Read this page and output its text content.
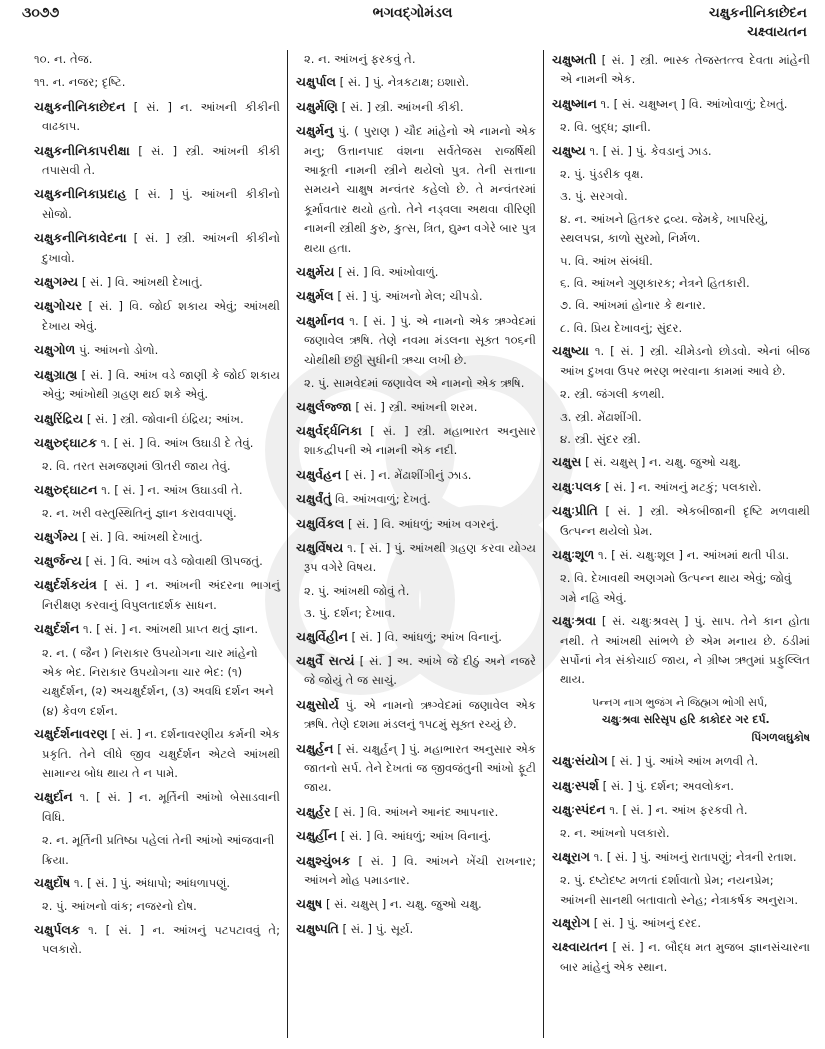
૩૦૭૭	ભગવદ્ગોમંડલ	ચક્ષુકનીનિકાછેદન
ચક્ષ્વાયતન

૧૦. ન. તેજ.

૧૧. ન. નજર; દૃષ્ટિ.

ચક્ષુકનીનિકાછેદન [ સં. ] ન. આંખની કીકીની વાઢકાપ.

ચક્ષુકનીનિકાપરીક્ષા [ સં. ] સ્ત્રી. આંખની કીકી તપાસવી તે.

ચક્ષુકનીનિકાપ્રદાહ [ સં. ] પું. આંખની કીકીનો સોજો.

ચક્ષુકનીનિકાવેદના [ સં. ] સ્ત્રી. આંખની કીકીનો દુખાવો.

ચક્ષુગમ્ય [ સં. ] વિ. આંખથી દેખાતું.

ચક્ષુગોચર [ સં. ] વિ. જોઈ શકાય એવું; આંખથી દેખાય એવું.

ચક્ષુગોળ પું. આંખનો ડોળો.

ચક્ષુગ્રાહ્ય [ સં. ] વિ. આંખ વડે જાણી કે જોઈ શકાય એવું; આંખોથી ગ્રહણ થઈ શકે એવું.

ચક્ષુરિંદ્રિય [ સં. ] સ્ત્રી. જોવાની ઇંદ્રિય; આંખ.

ચક્ષુરુદ્ઘાટક ૧. [ સં. ] વિ. આંખ ઉઘાડી દે તેવું.

૨. વિ. તરત સમજણમાં ઊતરી જાય તેવું.

ચક્ષુરુદ્ઘાટન ૧. [ સં. ] ન. આંખ ઉઘાડવી તે.

૨. ન. ખરી વસ્તુસ્થિતિનું જ્ઞાન કરાવવાપણું.

ચક્ષુર્ગમ્ય [ સં. ] વિ. આંખથી દેખાતું.

ચક્ષુર્જન્ય [ સં. ] વિ. આંખ વડે જોવાથી ઊપજતું.

ચક્ષુર્દર્શકયંત્ર [ સં. ] ન. આંખની અંદરના ભાગનું નિરીક્ષણ કરવાનું વિપુલતાદર્શક સાધન.

ચક્ષુર્દર્શન ૧. [ સં. ] ન. આંખથી પ્રાપ્ત થતું જ્ઞાન.

૨. ન. ( જૈન ) નિરાકાર ઉપયોગના ચાર માંહેનો એક ભેદ. નિરાકાર ઉપયોગના ચાર ભેદ: (૧) ચક્ષુર્દર્શન, (૨) અચક્ષુર્દર્શન, (૩) અવધિ દર્શન અને (૪) કેવળ દર્શન.

ચક્ષુર્દર્શનાવરણ [ સં. ] ન. દર્શનાવરણીય કર્મની એક પ્રકૃતિ. તેને લીધે જીવ ચક્ષુર્દર્શન એટલે આંખથી સામાન્ય બોધ થાય તે ન પામે.

ચક્ષુર્દાન ૧. [ સં. ] ન. મૂર્તિની આંખો બેસાડવાની વિધિ.

૨. ન. મૂર્તિની પ્રતિષ્ઠા પહેલાં તેની આંખો આંજવાની ક્રિયા.

ચક્ષુર્દોષ ૧. [ સં. ] પું. અંધાપો; આંધળાપણું.

૨. પું. આંખનો વાંક; નજરનો દોષ.

ચક્ષુર્પલક ૧. [ સં. ] ન. આંખનું પટપટાવવું તે; પલકારો.

૨. ન. આંખનું ફરકવું તે.

ચક્ષુર્પાલ [ સં. ] પું. નેત્રકટાક્ષ; ઇશારો.

ચક્ષુર્મણિ [ સં. ] સ્ત્રી. આંખની કીકી.

ચક્ષુર્મનુ પું. ( પુરાણ ) ચૌદ માંહેનો એ નામનો એક મનુ; ઉત્તાનપાદ વંશના સર્વતેજસ રાજર્ષિથી આકૂતી નામની સ્ત્રીને થયેલો પુત્ર. તેની સત્તાના સમયને ચાક્ષુષ મન્વંતર કહેલો છે. તે મન્વંતરમાં કૂર્માવતાર થયો હતો. તેને નડ્વલા અથવા વીરિણી નામની સ્ત્રીથી કુરુ, કુત્સ, ત્રિત, દ્યુમ્ન વગેરે બાર પુત્ર થયા હતા.

ચક્ષુર્મય [ સં. ] વિ. આંખોવાળું.

ચક્ષુર્મલ [ સં. ] પું. આંખનો મેલ; ચીપડો.

ચક્ષુર્માનવ ૧. [ સં. ] પું. એ નામનો એક ઋગ્વેદમાં જણાવેલ ઋષિ. તેણે નવમા મંડલના સૂક્ત ૧૦૬ની ચોથીથી છઠ્ઠી સુધીની ઋચા લખી છે.

૨. પું. સામવેદમાં જણાવેલ એ નામનો એક ઋષિ.

ચક્ષુર્લજ્જા [ સં. ] સ્ત્રી. આંખની શરમ.

ચક્ષુર્વર્દ્ધનિકા [ સં. ] સ્ત્રી. મહાભારત અનુસાર શાકદ્વીપની એ નામની એક નદી.

ચક્ષુર્વહન [ સં. ] ન. મેંઢાશીંગીનું ઝાડ.

ચક્ષુર્વંતું વિ. આંખવાળું; દેખતું.

ચક્ષુર્વિકલ [ સં. ] વિ. આંધળું; આંખ વગરનું.

ચક્ષુર્વિષય ૧. [ સં. ] પું. આંખથી ગ્રહણ કરવા યોગ્ય રૂપ વગેરે વિષય.

૨. પું. આંખથી જોવું તે.

૩. પું. દર્શન; દેખાવ.

ચક્ષુર્વિહીન [ સં. ] વિ. આંધળું; આંખ વિનાનું.

ચક્ષુર્વૈ સત્યં [ સં. ] અ. આંખે જે દીઠું અને નજરે જે જોયું તે જ સાચું.

ચક્ષુસોર્ય પું. એ નામનો ઋગ્વેદમાં જણાવેલ એક ઋષિ. તેણે દશમા મંડલનું ૧૫૮મું સૂક્ત રચ્યું છે.

ચક્ષુર્હન [ સં. ચક્ષુર્હન્ ] પું. મહાભારત અનુસાર એક જાતનો સર્પ. તેને દેખતાં જ જીવજંતુની આંખો ફૂટી જાય.

ચક્ષુર્હર [ સં. ] વિ. આંખને આનંદ આપનાર.

ચક્ષુર્હીન [ સં. ] વિ. આંધળું; આંખ વિનાનું.

ચક્ષુશ્ચુંબક [ સં. ] વિ. આંખને ખેંચી રાખનાર; આંખને મોહ પમાડનાર.

ચક્ષુષ [ સં. ચક્ષુસ્ ] ન. ચક્ષુ. જુઓ ચક્ષુ.

ચક્ષુષ્પતિ [ સં. ] પું. સૂર્ય.

ચક્ષુષ્મતી [ સં. ] સ્ત્રી. ભાસ્ક તેજસ્તત્ત્વ દેવતા માંહેની એ નામની એક.

ચક્ષુષ્માન ૧. [ સં. ચક્ષુષ્મન્ ] વિ. આંખોવાળું; દેખતું.

૨. વિ. બુદ્ધ; જ્ઞાની.

ચક્ષુષ્ય ૧. [ સં. ] પું. કેવડાનું ઝાડ.

૨. પું. પુંડરીક વૃક્ષ.

૩. પું. સરગવો.

૪. ન. આંખને હિતકર દ્રવ્ય. જેમકે, ખાપરિયું, સ્થલપદ્મ, કાળો સુરમો, નિર્મળ.

૫. વિ. આંખ સંબંધી.

૬. વિ. આંખને ગુણકારક; નેત્રને હિતકારી.

૭. વિ. આંખમાં હોનાર કે થનાર.

૮. વિ. પ્રિય દેખાવનું; સુંદર.

ચક્ષુષ્યા ૧. [ સં. ] સ્ત્રી. ચીમેડનો છોડવો. એનાં બીજ આંખ દુખવા ઉપર ભરણ ભરવાના કામમાં આવે છે.

૨. સ્ત્રી. જંગલી કળથી.

૩. સ્ત્રી. મેંઢાશીંગી.

૪. સ્ત્રી. સુંદર સ્ત્રી.

ચક્ષુસ [ સં. ચક્ષુસ્ ] ન. ચક્ષુ. જુઓ ચક્ષુ.

ચક્ષુઃપલક [ સં. ] ન. આંખનું મટકું; પલકારો.

ચક્ષુઃપ્રીતિ [ સં. ] સ્ત્રી. એકબીજાની દૃષ્ટિ મળવાથી ઉત્પન્ન થયેલો પ્રેમ.

ચક્ષુઃશૂળ ૧. [ સં. ચક્ષુઃશૂલ ] ન. આંખમાં થતી પીડા.

૨. વિ. દેખાવથી અણગમો ઉત્પન્ન થાય એવું; જોવું ગમે નહિ એવું.

ચક્ષુઃશ્રવા [ સં. ચક્ષુઃશ્રવસ્ ] પું. સાપ. તેને કાન હોતા નથી. તે આંખથી સાંભળે છે એમ મનાય છે. ઠંડીમાં સર્પોનાં નેત્ર સંકોચાઈ જાય, ને ગ્રીષ્મ ઋતુમાં પ્રફુલ્લિત થાય.

પન્નગ નાગ ભુજંગ ને જિહ્મગ ભોગી સર્પ,

ચક્ષુઃશ્રવા સરિસૃપ હરિ કાકોદર ગર દર્પ.

પિંગળલઘુકોષ

ચક્ષુઃસંયોગ [ સં. ] પું. આંખે આંખ મળવી તે.

ચક્ષુઃસ્પર્શ [ સં. ] પું. દર્શન; અવલોકન.

ચક્ષુઃસ્પંદન ૧. [ સં. ] ન. આંખ ફરકવી તે.

૨. ન. આંખનો પલકારો.

ચક્ષૂરાગ ૧. [ સં. ] પું. આંખનું રાતાપણું; નેત્રની રતાશ.

૨. પું. દષ્ટોદષ્ટ મળતાં દર્શાવાતો પ્રેમ; નયનપ્રેમ; આંખની સાનથી બતાવાતો સ્નેહ; નેત્રાકર્ષક અનુરાગ.

ચક્ષૂરોગ [ સં. ] પું. આંખનું દરદ.

ચક્ષ્વાયતન [ સં. ] ન. બૌદ્ધ મત મુજબ જ્ઞાનસંચારના બાર માંહેનું એક સ્થાન.
